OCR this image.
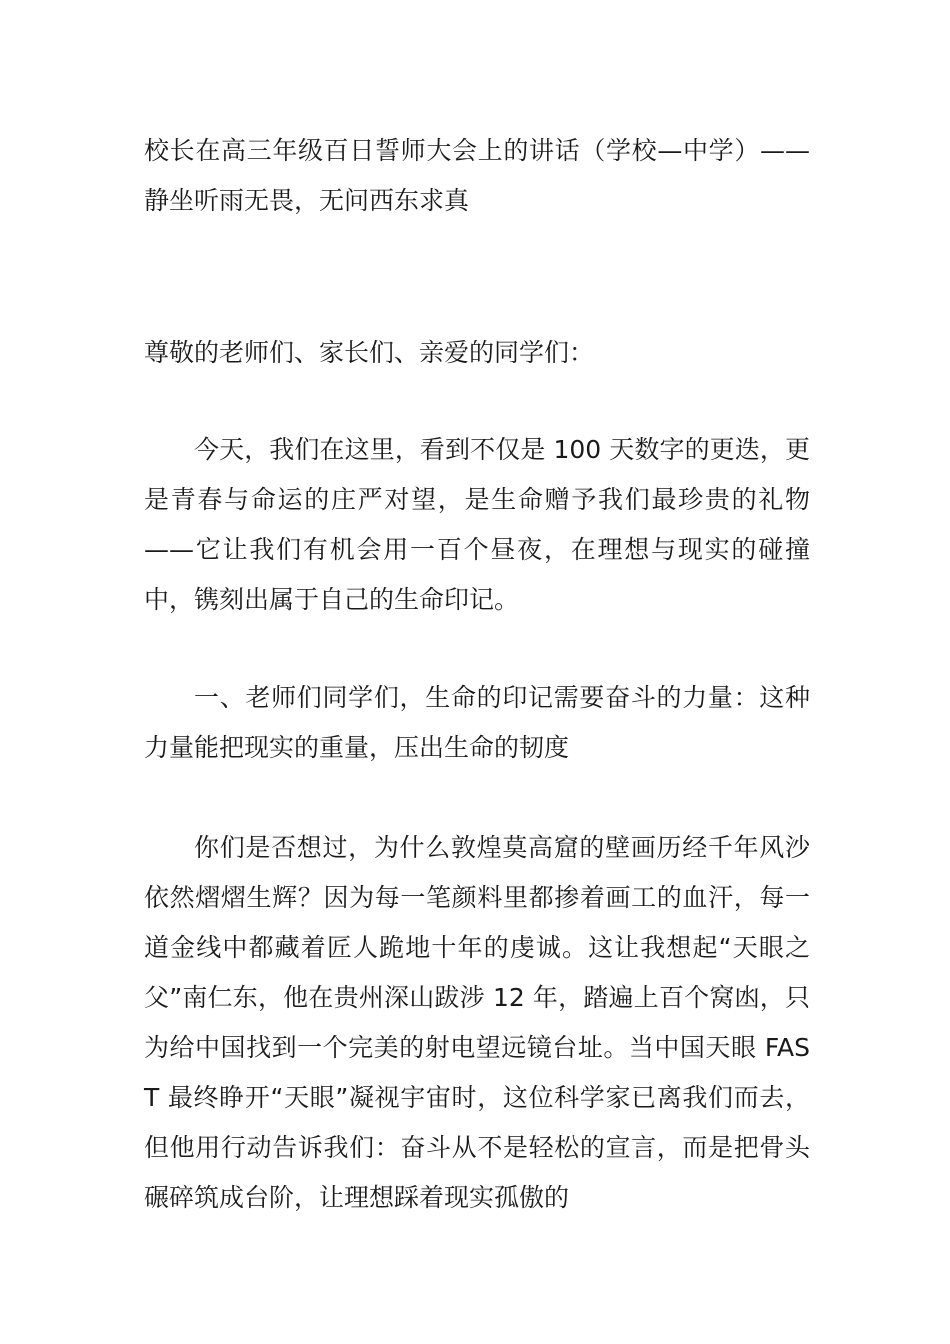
校长在高三年级百日誓师大会上的讲话（学校—中学）——静坐听雨无畏，无问西东求真

尊敬的老师们、家长们、亲爱的同学们：

今天，我们在这里，看到不仅是 100 天数字的更迭，更是青春与命运的庄严对望，是生命赠予我们最珍贵的礼物——它让我们有机会用一百个昼夜，在理想与现实的碰撞中，镌刻出属于自己的生命印记。

一、老师们同学们，生命的印记需要奋斗的力量：这种力量能把现实的重量，压出生命的韧度

你们是否想过，为什么敦煌莫高窟的壁画历经千年风沙依然熠熠生辉？因为每一笔颜料里都掺着画工的血汗，每一道金线中都藏着匠人跪地十年的虔诚。这让我想起“天眼之父”南仁东，他在贵州深山跋涉 12 年，踏遍上百个窝凼，只为给中国找到一个完美的射电望远镜台址。当中国天眼 FAST 最终睁开“天眼”凝视宇宙时，这位科学家已离我们而去，但他用行动告诉我们：奋斗从不是轻松的宣言，而是把骨头碾碎筑成台阶，让理想踩着现实孤傲的
